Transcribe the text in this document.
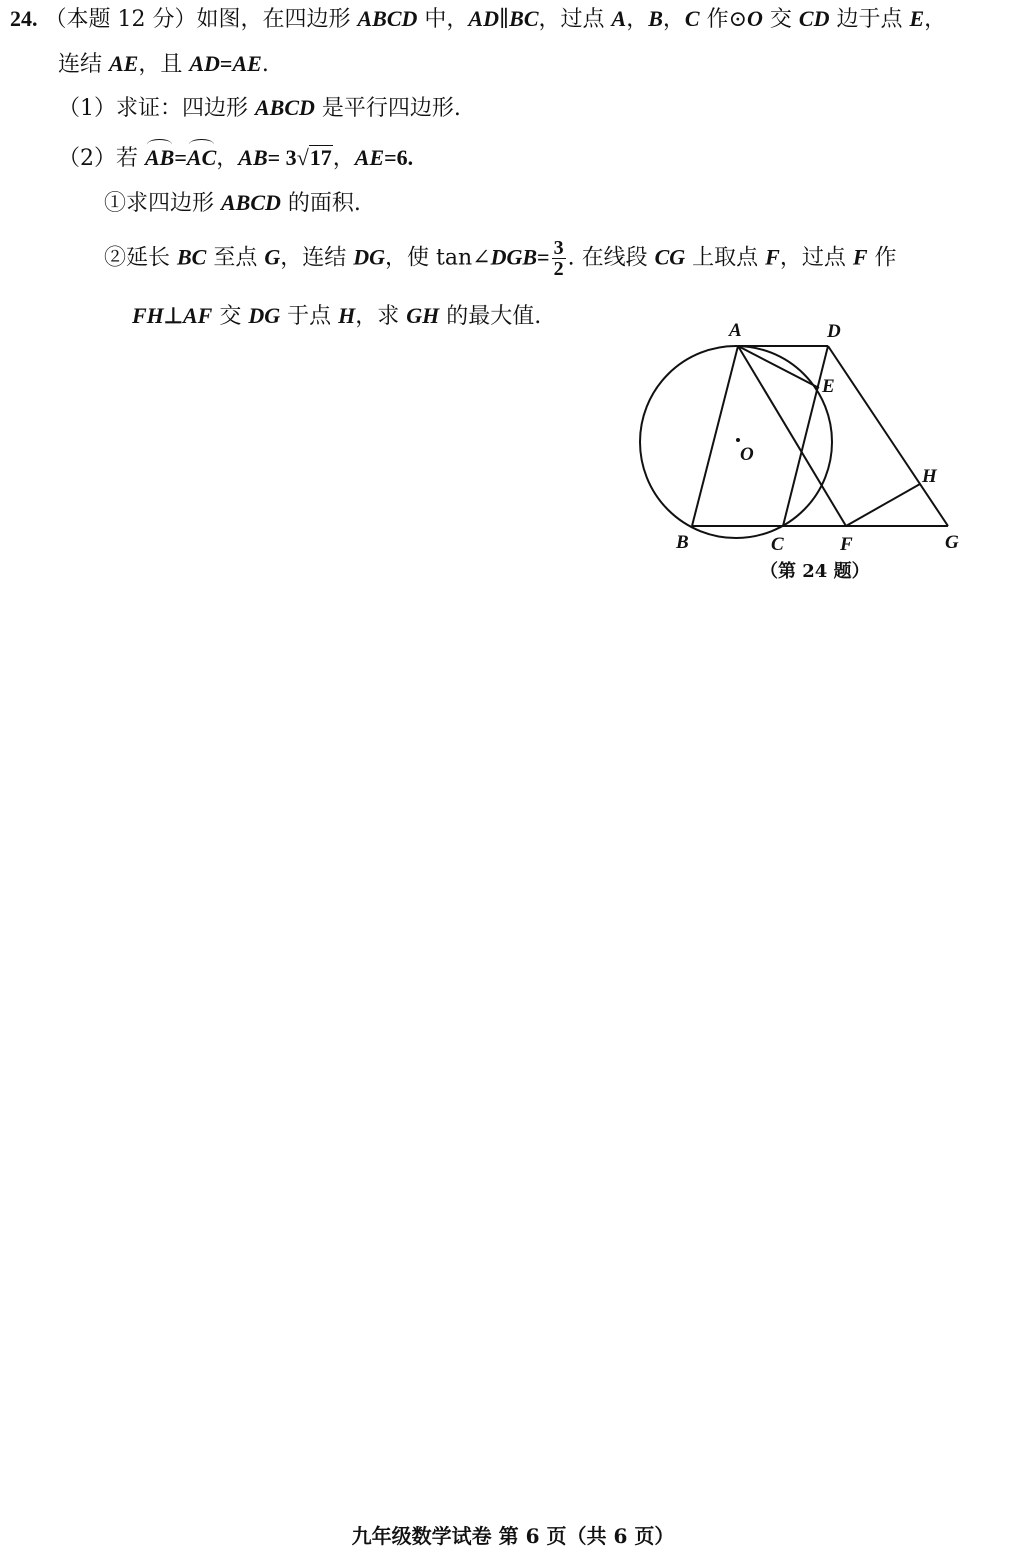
24. （本题 12 分）如图，在四边形 ABCD 中，AD∥BC，过点 A，B，C 作⊙O 交 CD 边于点 E，
连结 AE，且 AD=AE.
（1）求证：四边形 ABCD 是平行四边形.
（2）若 AB=AC，AB= 3√17，AE=6.
①求四边形 ABCD 的面积.
②延长 BC 至点 G，连结 DG，使 tan∠DGB= $\frac{3}{2}$ . 在线段 CG 上取点 F，过点 F 作
FH⊥AF 交 DG 于点 H，求 GH 的最大值.
A	D
E
O
H
B	C	F	G
（第 24 题）
九年级数学试卷 第 6 页（共 6 页）
